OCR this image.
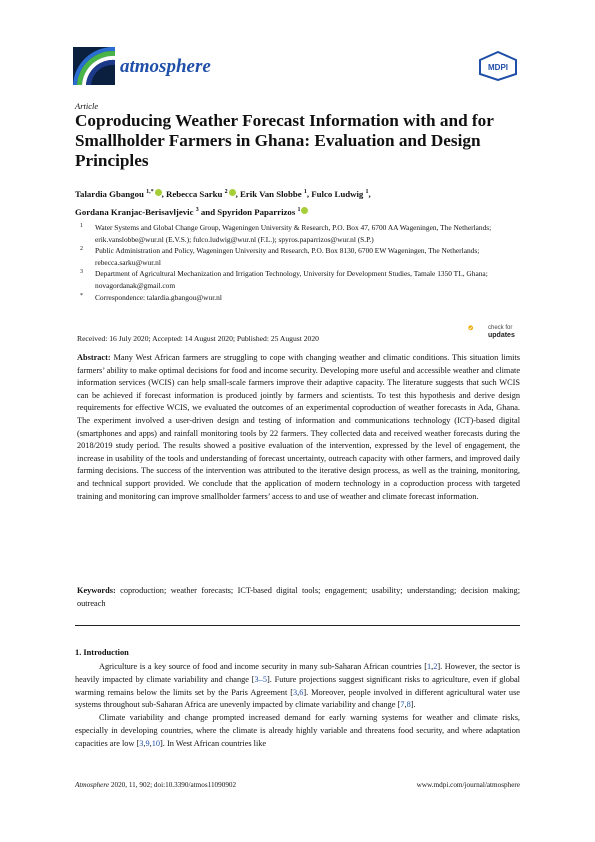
atmosphere	MDPI
Article
Coproducing Weather Forecast Information with and for Smallholder Farmers in Ghana: Evaluation and Design Principles
Talardia Gbangou $^{1,*}$ , Rebecca Sarku $^2$ , Erik Van Slobbe $^1$, Fulco Ludwig $^1$,
Gordana Kranjac-Berisavljevic $^3$ and Spyridon Paparrizos $^1$
1 Water Systems and Global Change Group, Wageningen University & Research, P.O. Box 47, 6700 AA Wageningen, The Netherlands; erik.vanslobbe@wur.nl (E.V.S.); fulco.ludwig@wur.nl (F.L.); spyros.paparrizos@wur.nl (S.P.)
2 Public Administration and Policy, Wageningen University and Research, P.O. Box 8130, 6700 EW Wageningen, The Netherlands; rebecca.sarku@wur.nl
3 Department of Agricultural Mechanization and Irrigation Technology, University for Development Studies, Tamale 1350 TL, Ghana; novagordanak@gmail.com
* Correspondence: talardia.gbangou@wur.nl
Received: 16 July 2020; Accepted: 14 August 2020; Published: 25 August 2020
check for
updates

Abstract: Many West African farmers are struggling to cope with changing weather and climatic conditions. This situation limits farmers’ ability to make optimal decisions for food and income security. Developing more useful and accessible weather and climate information services (WCIS) can help small-scale farmers improve their adaptive capacity. The literature suggests that such WCIS can be achieved if forecast information is produced jointly by farmers and scientists. To test this hypothesis and derive design requirements for effective WCIS, we evaluated the outcomes of an experimental coproduction of weather forecasts in Ada, Ghana. The experiment involved a user-driven design and testing of information and communications technology (ICT)-based digital (smartphones and apps) and rainfall monitoring tools by 22 farmers. They collected data and received weather forecasts during the 2018/2019 study period. The results showed a positive evaluation of the intervention, expressed by the level of engagement, the increase in usability of the tools and understanding of forecast uncertainty, outreach capacity with other farmers, and improved daily farming decisions. The success of the intervention was attributed to the iterative design process, as well as the training, monitoring, and technical support provided. We conclude that the application of modern technology in a coproduction process with targeted training and monitoring can improve smallholder farmers’ access to and use of weather and climate forecast information.

Keywords: coproduction; weather forecasts; ICT-based digital tools; engagement; usability; understanding; decision making; outreach

1. Introduction

Agriculture is a key source of food and income security in many sub-Saharan African countries [1,2]. However, the sector is heavily impacted by climate variability and change [3–5]. Future projections suggest significant risks to agriculture, even if global warming remains below the limits set by the Paris Agreement [3,6]. Moreover, people involved in different agricultural water use systems throughout sub-Saharan Africa are unevenly impacted by climate variability and change [7,8].

Climate variability and change prompted increased demand for early warning systems for weather and climate risks, especially in developing countries, where the climate is already highly variable and threatens food security, and where adaptation capacities are low [3,9,10]. In West African countries like

Atmosphere 2020, 11, 902; doi:10.3390/atmos11090902	www.mdpi.com/journal/atmosphere
